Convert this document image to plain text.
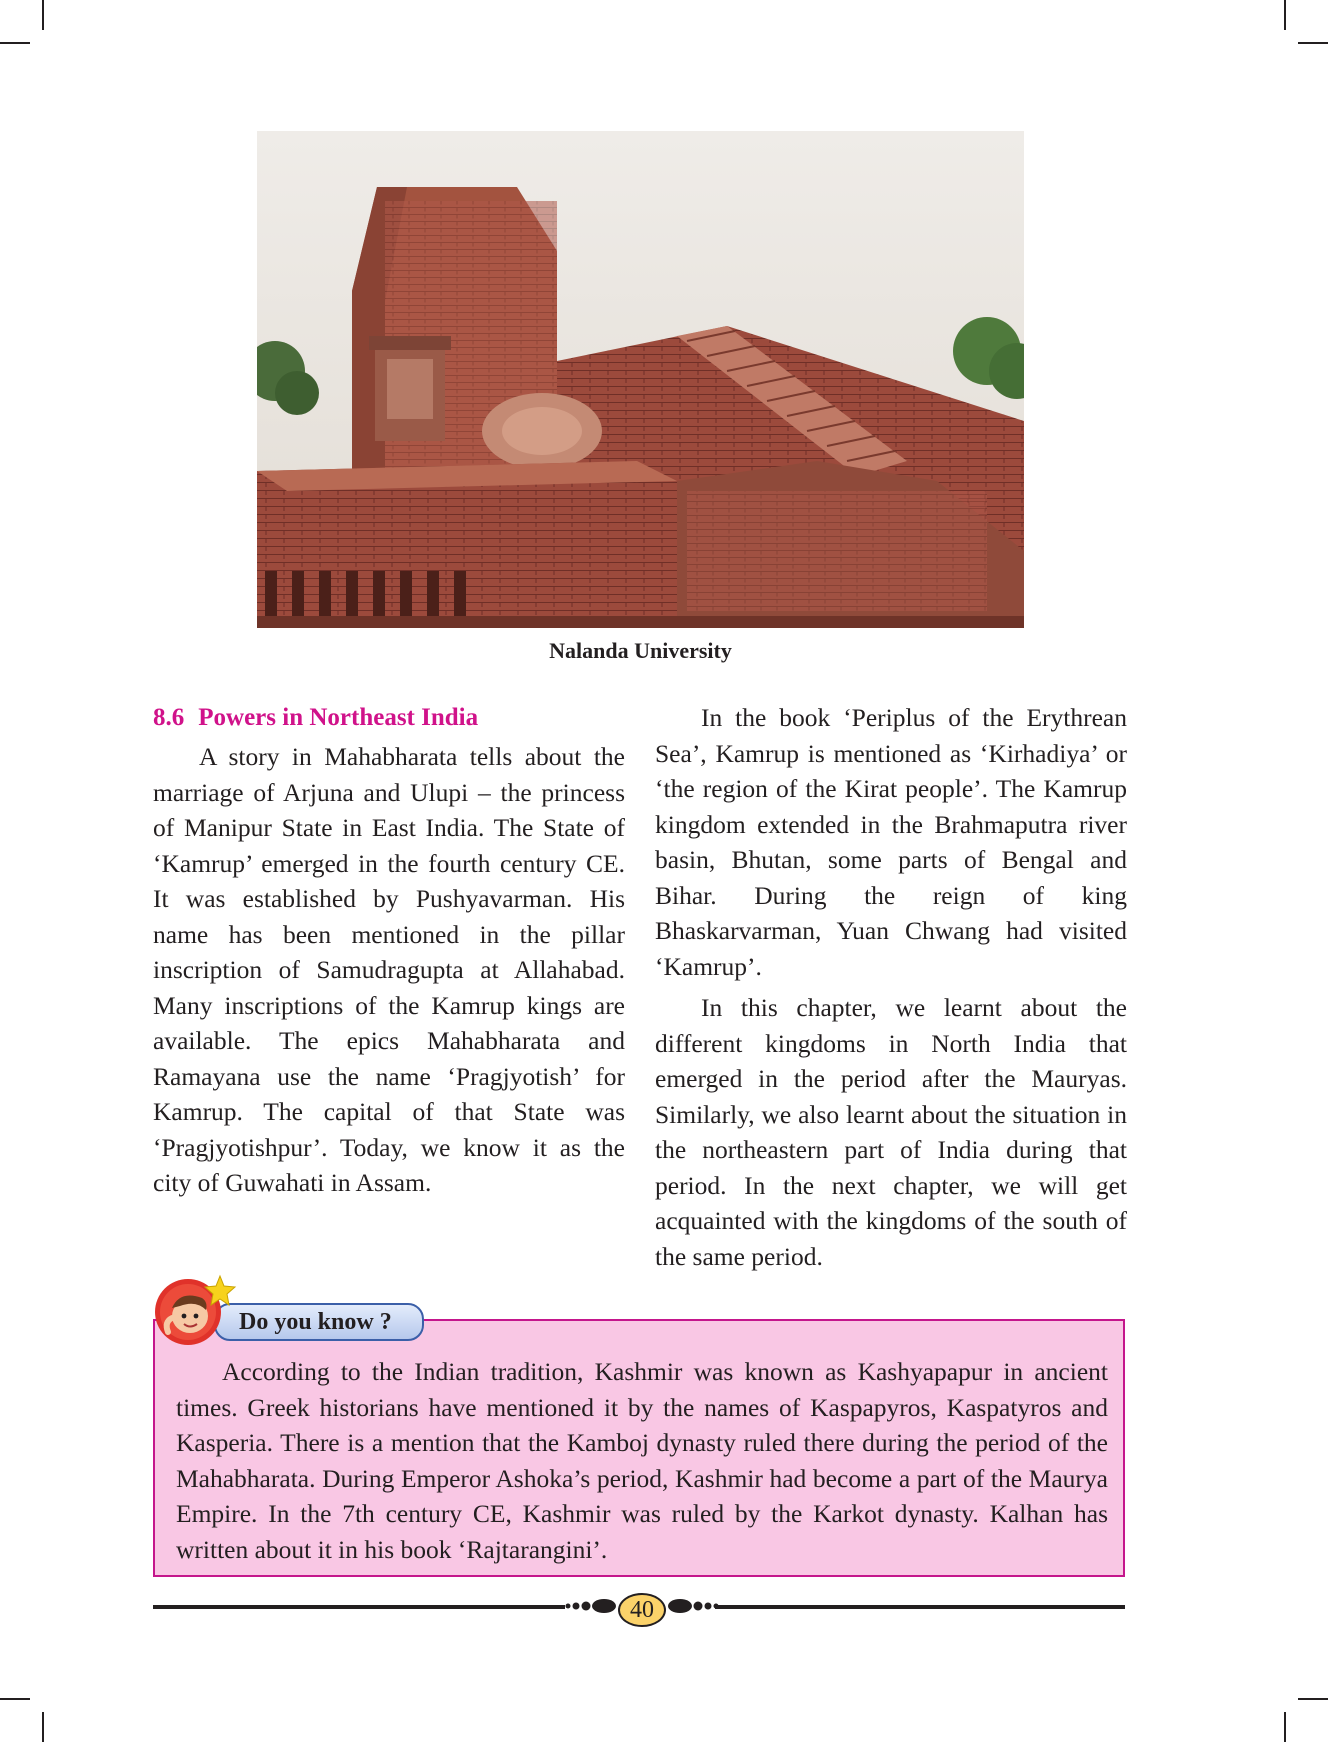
Nalanda University
8.6 Powers in Northeast India

A story in Mahabharata tells about the marriage of Arjuna and Ulupi – the princess of Manipur State in East India. The State of ‘Kamrup’ emerged in the fourth century CE. It was established by Pushyavarman. His name has been mentioned in the pillar inscription of Samudragupta at Allahabad. Many inscriptions of the Kamrup kings are available. The epics Mahabharata and Ramayana use the name ‘Pragjyotish’ for Kamrup. The capital of that State was ‘Pragjyotishpur’. Today, we know it as the city of Guwahati in Assam.

In the book ‘Periplus of the Erythrean Sea’, Kamrup is mentioned as ‘Kirhadiya’ or ‘the region of the Kirat people’. The Kamrup kingdom extended in the Brahmaputra river basin, Bhutan, some parts of Bengal and Bihar. During the reign of king Bhaskarvarman, Yuan Chwang had visited ‘Kamrup’.

In this chapter, we learnt about the different kingdoms in North India that emerged in the period after the Mauryas. Similarly, we also learnt about the situation in the northeastern part of India during that period. In the next chapter, we will get acquainted with the kingdoms of the south of the same period.

According to the Indian tradition, Kashmir was known as Kashyapapur in ancient times. Greek historians have mentioned it by the names of Kaspapyros, Kaspatyros and Kasperia. There is a mention that the Kamboj dynasty ruled there during the period of the Mahabharata. During Emperor Ashoka’s period, Kashmir had become a part of the Maurya Empire. In the 7th century CE, Kashmir was ruled by the Karkot dynasty. Kalhan has written about it in his book ‘Rajtarangini’.

Do you know ?
40
